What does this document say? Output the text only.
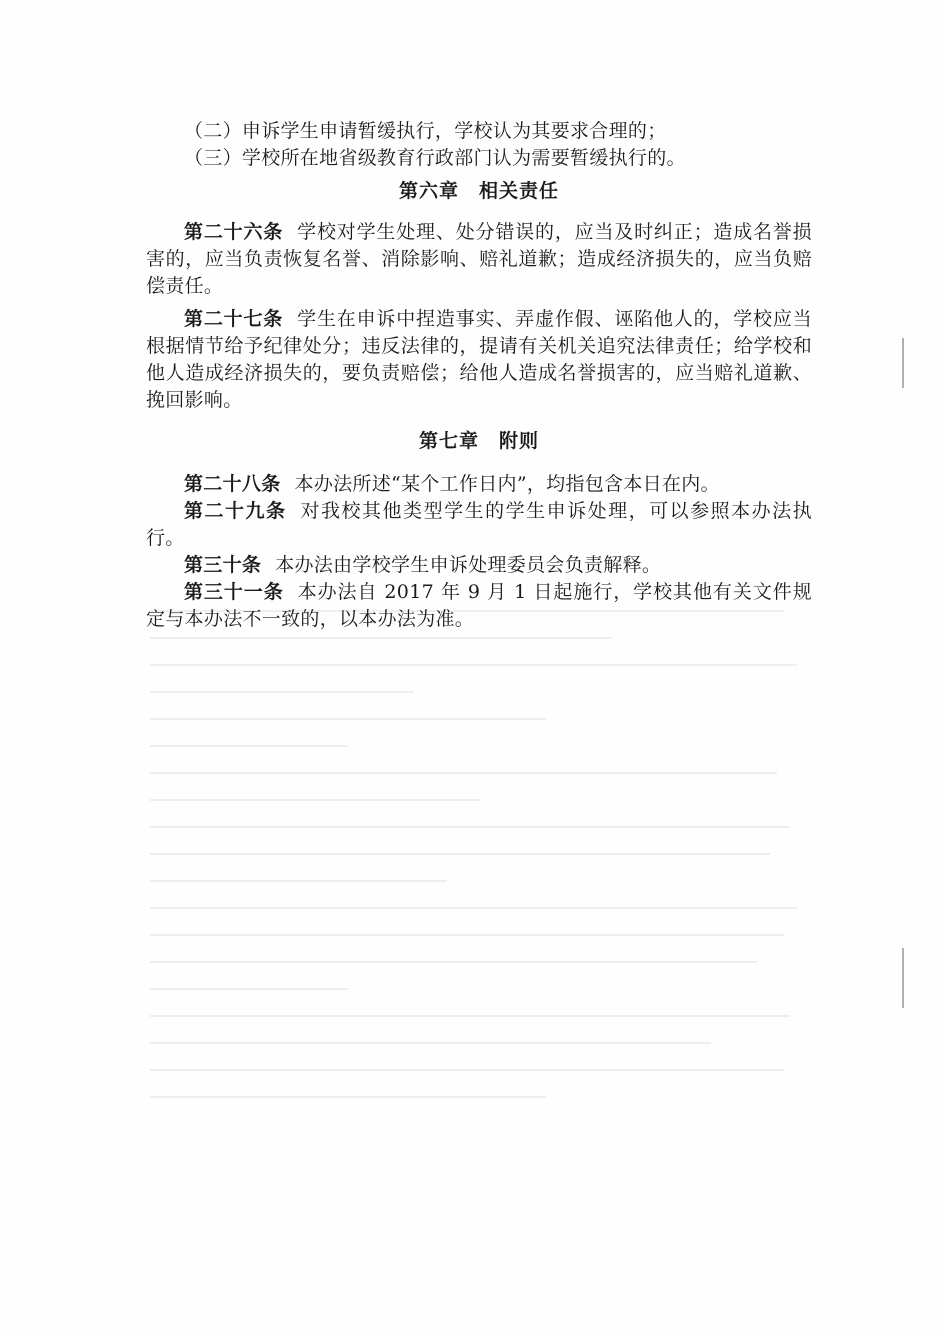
（二）申诉学生申请暂缓执行，学校认为其要求合理的；

（三）学校所在地省级教育行政部门认为需要暂缓执行的。

第六章　相关责任

第二十六条 学校对学生处理、处分错误的，应当及时纠正；造成名誉损害的，应当负责恢复名誉、消除影响、赔礼道歉；造成经济损失的，应当负赔偿责任。

第二十七条 学生在申诉中捏造事实、弄虚作假、诬陷他人的，学校应当根据情节给予纪律处分；违反法律的，提请有关机关追究法律责任；给学校和他人造成经济损失的，要负责赔偿；给他人造成名誉损害的，应当赔礼道歉、挽回影响。

第七章　附则

第二十八条 本办法所述“某个工作日内”，均指包含本日在内。

第二十九条 对我校其他类型学生的学生申诉处理，可以参照本办法执行。

第三十条 本办法由学校学生申诉处理委员会负责解释。

第三十一条 本办法自 2017 年 9 月 1 日起施行，学校其他有关文件规定与本办法不一致的，以本办法为准。
